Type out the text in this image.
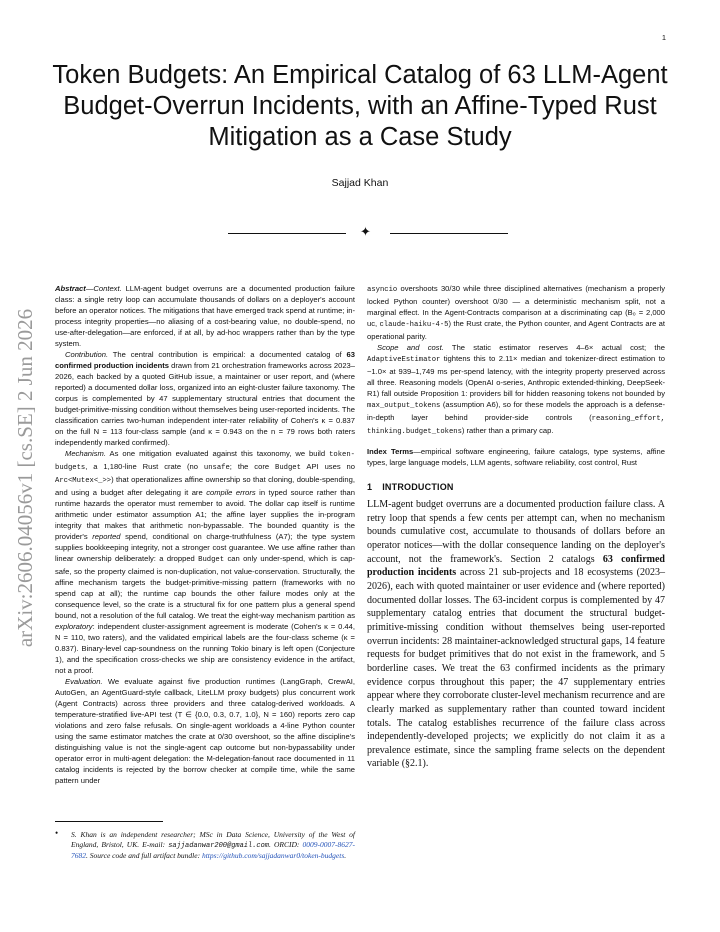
1
Token Budgets: An Empirical Catalog of 63 LLM-Agent Budget-Overrun Incidents, with an Affine-Typed Rust Mitigation as a Case Study
Sajjad Khan
✦
arXiv:2606.04056v1 [cs.SE] 2 Jun 2026

Abstract—Context. LLM-agent budget overruns are a documented production failure class: a single retry loop can accumulate thousands of dollars on a deployer's account before an operator notices. The mitigations that have emerged track spend at runtime; in-process integrity properties—no aliasing of a cost-bearing value, no double-spend, no use-after-delegation—are enforced, if at all, by ad-hoc wrappers rather than by the type system.

Contribution. The central contribution is empirical: a documented catalog of 63 confirmed production incidents drawn from 21 orchestration frameworks across 2023–2026, each backed by a quoted GitHub issue, a maintainer or user report, and (where reported) a documented dollar loss, organized into an eight-cluster failure taxonomy. The corpus is complemented by 47 supplementary structural entries that document the budget-primitive-missing condition without themselves being user-reported incidents. The classification carries two-human independent inter-rater reliability of Cohen's κ = 0.837 on the full N = 113 four-class sample (and κ = 0.943 on the n = 79 rows both raters independently marked confirmed).

Mechanism. As one mitigation evaluated against this taxonomy, we build token-budgets, a 1,180-line Rust crate (no unsafe; the core Budget API uses no Arc<Mutex<_>>) that operationalizes affine ownership so that cloning, double-spending, and using a budget after delegating it are compile errors in typed source rather than runtime hazards the operator must remember to avoid. The dollar cap itself is runtime arithmetic under estimator assumption A1; the affine layer supplies the in-program integrity that makes that arithmetic non-bypassable. The bounded quantity is the provider's reported spend, conditional on charge-truthfulness (A7); the type system supplies bookkeeping integrity, not a stronger cost guarantee. We use affine rather than linear ownership deliberately: a dropped Budget can only under-spend, which is cap-safe, so the property claimed is non-duplication, not value-conservation. Structurally, the affine mechanism targets the budget-primitive-missing pattern (frameworks with no spend cap at all); the runtime cap bounds the other failure modes only at the consequence level, so the crate is a structural fix for one pattern plus a general spend bound, not a resolution of the full catalog. We treat the eight-way mechanism partition as exploratory: independent cluster-assignment agreement is moderate (Cohen's κ = 0.44, N = 110, two raters), and the validated empirical labels are the four-class scheme (κ = 0.837). Binary-level cap-soundness on the running Tokio binary is left open (Conjecture 1), and the specification cross-checks we ship are consistency evidence in the artifact, not a proof.

Evaluation. We evaluate against five production runtimes (LangGraph, CrewAI, AutoGen, an AgentGuard-style callback, LiteLLM proxy budgets) plus concurrent work (Agent Contracts) across three providers and three catalog-derived workloads. A temperature-stratified live-API test (T ∈ {0.0, 0.3, 0.7, 1.0}, N = 160) reports zero cap violations and zero false refusals. On single-agent workloads a 4-line Python counter using the same estimator matches the crate at 0/30 overshoot, so the affine discipline's distinguishing value is not the single-agent cap outcome but non-bypassability under operator error in multi-agent delegation: the M-delegation-fanout race documented in 11 catalog incidents is rejected by the borrow checker at compile time, while the same pattern under

asyncio overshoots 30/30 while three disciplined alternatives (mechanism a properly locked Python counter) overshoot 0/30 — a deterministic mechanism split, not a marginal effect. In the Agent-Contracts comparison at a discriminating cap (B₀ = 2,000 uc, claude-haiku-4-5) the Rust crate, the Python counter, and Agent Contracts are at operational parity.

Scope and cost. The static estimator reserves 4–6× actual cost; the AdaptiveEstimator tightens this to 2.11× median and tokenizer-direct estimation to ~1.0× at 939–1,749 ms per-spend latency, with the integrity property preserved across all three. Reasoning models (OpenAI o-series, Anthropic extended-thinking, DeepSeek-R1) fall outside Proposition 1: providers bill for hidden reasoning tokens not bounded by max_output_tokens (assumption A6), so for these models the approach is a defense-in-depth layer behind provider-side controls (reasoning_effort, thinking.budget_tokens) rather than a primary cap.

Index Terms—empirical software engineering, failure catalogs, type systems, affine types, large language models, LLM agents, software reliability, cost control, Rust
1 INTRODUCTION
LLM-agent budget overruns are a documented production failure class. A retry loop that spends a few cents per attempt can, when no mechanism bounds cumulative cost, accumulate to thousands of dollars before an operator notices—with the dollar consequence landing on the deployer's account, not the framework's. Section 2 catalogs 63 confirmed production incidents across 21 sub-projects and 18 ecosystems (2023–2026), each with quoted maintainer or user evidence and (where reported) documented dollar losses. The 63-incident corpus is complemented by 47 supplementary catalog entries that document the structural budget-primitive-missing condition without themselves being user-reported overrun incidents: 28 maintainer-acknowledged structural gaps, 14 feature requests for budget primitives that do not exist in the framework, and 5 borderline cases. We treat the 63 confirmed incidents as the primary evidence corpus throughout this paper; the 47 supplementary entries appear where they corroborate cluster-level mechanism recurrence and are clearly marked as supplementary rather than counted toward incident totals. The catalog establishes recurrence of the failure class across independently-developed projects; we explicitly do not claim it as a prevalence estimate, since the sampling frame selects on the dependent variable (§2.1).
• S. Khan is an independent researcher; MSc in Data Science, University of the West of England, Bristol, UK. E-mail: sajjadanwar200@gmail.com. ORCID: 0009-0007-8627-7682. Source code and full artifact bundle: https://github.com/sajjadanwar0/token-budgets.
